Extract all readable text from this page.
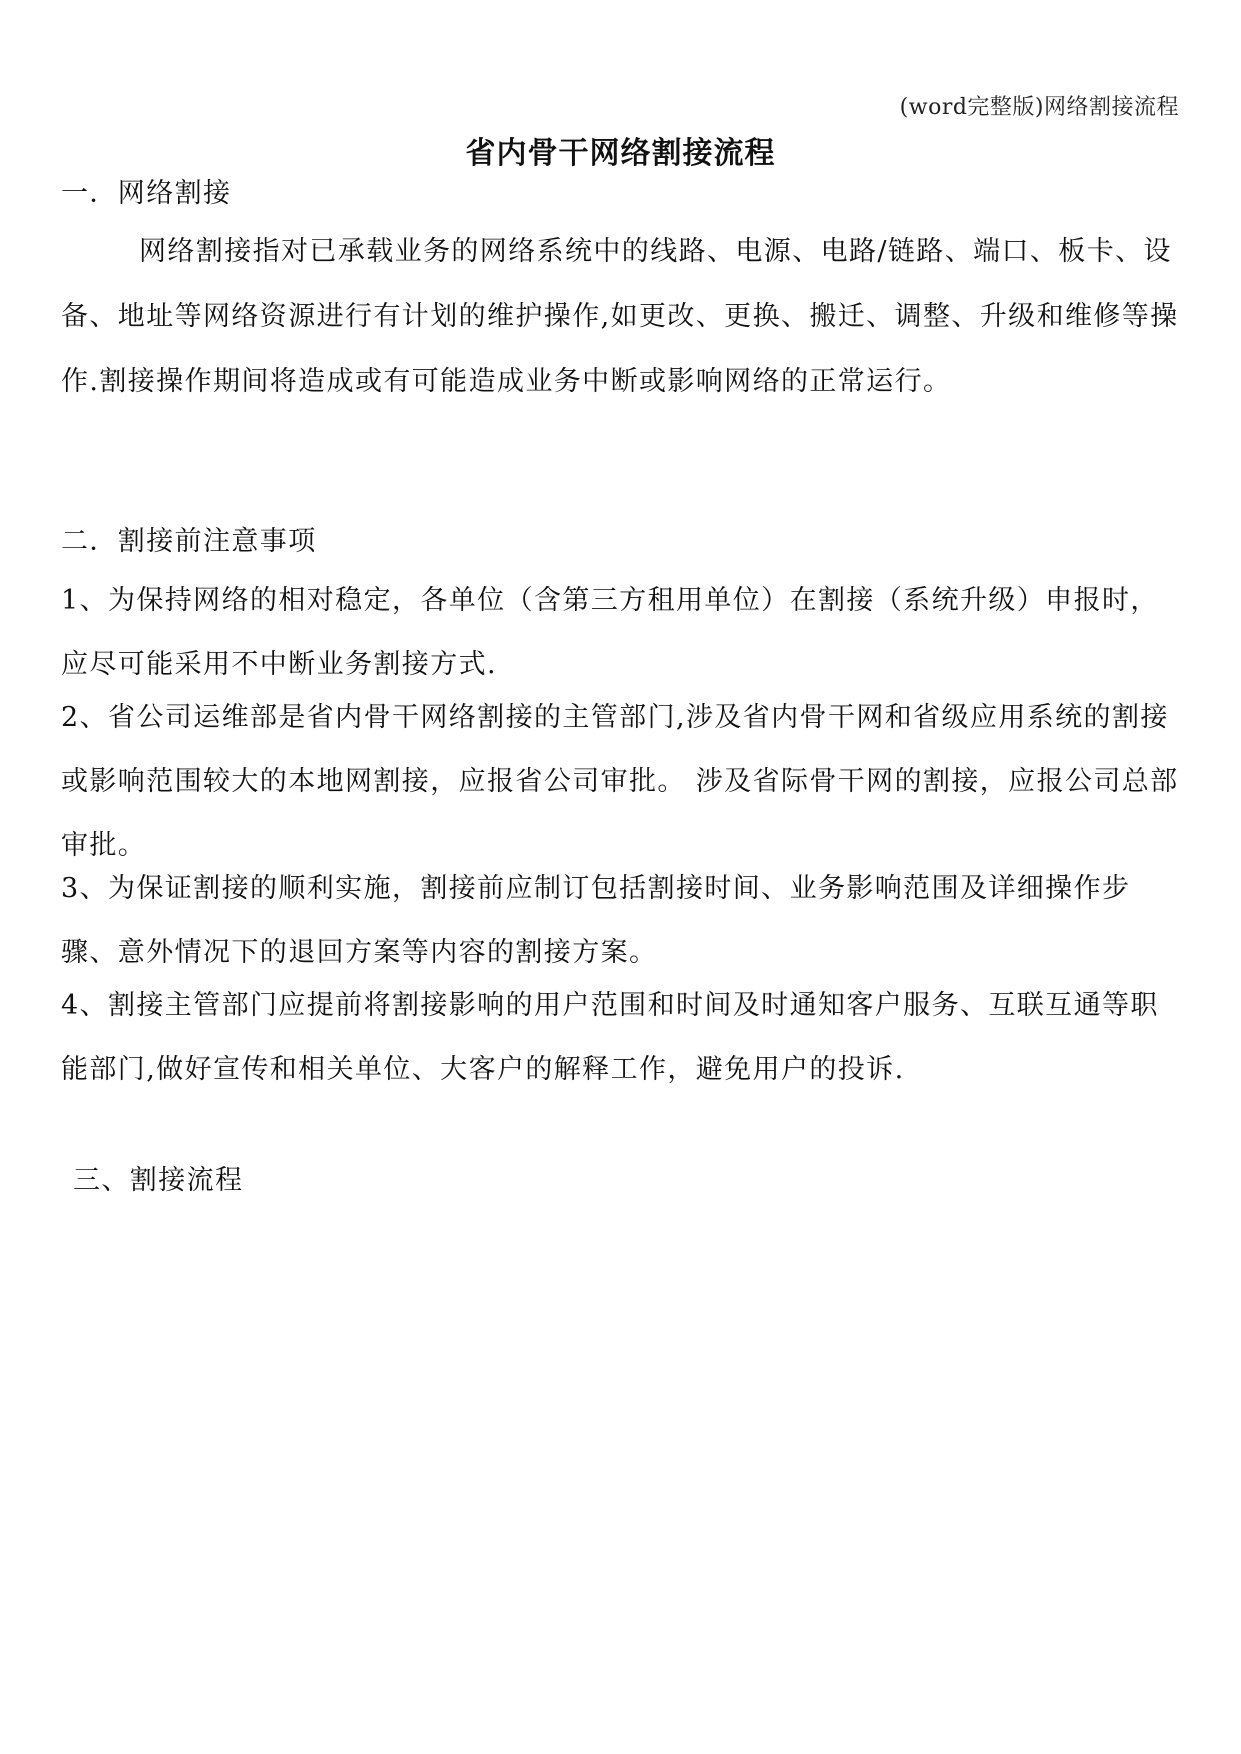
(word完整版)网络割接流程
省内骨干网络割接流程
一．网络割接
网络割接指对已承载业务的网络系统中的线路、电源、电路/链路、端口、板卡、设备、地址等网络资源进行有计划的维护操作,如更改、更换、搬迁、调整、升级和维修等操作.割接操作期间将造成或有可能造成业务中断或影响网络的正常运行。
二．割接前注意事项
1、为保持网络的相对稳定，各单位（含第三方租用单位）在割接（系统升级）申报时，应尽可能采用不中断业务割接方式.
2、省公司运维部是省内骨干网络割接的主管部门,涉及省内骨干网和省级应用系统的割接或影响范围较大的本地网割接，应报省公司审批。 涉及省际骨干网的割接，应报公司总部审批。
3、为保证割接的顺利实施，割接前应制订包括割接时间、业务影响范围及详细操作步骤、意外情况下的退回方案等内容的割接方案。
4、割接主管部门应提前将割接影响的用户范围和时间及时通知客户服务、互联互通等职能部门,做好宣传和相关单位、大客户的解释工作，避免用户的投诉.
三、割接流程
